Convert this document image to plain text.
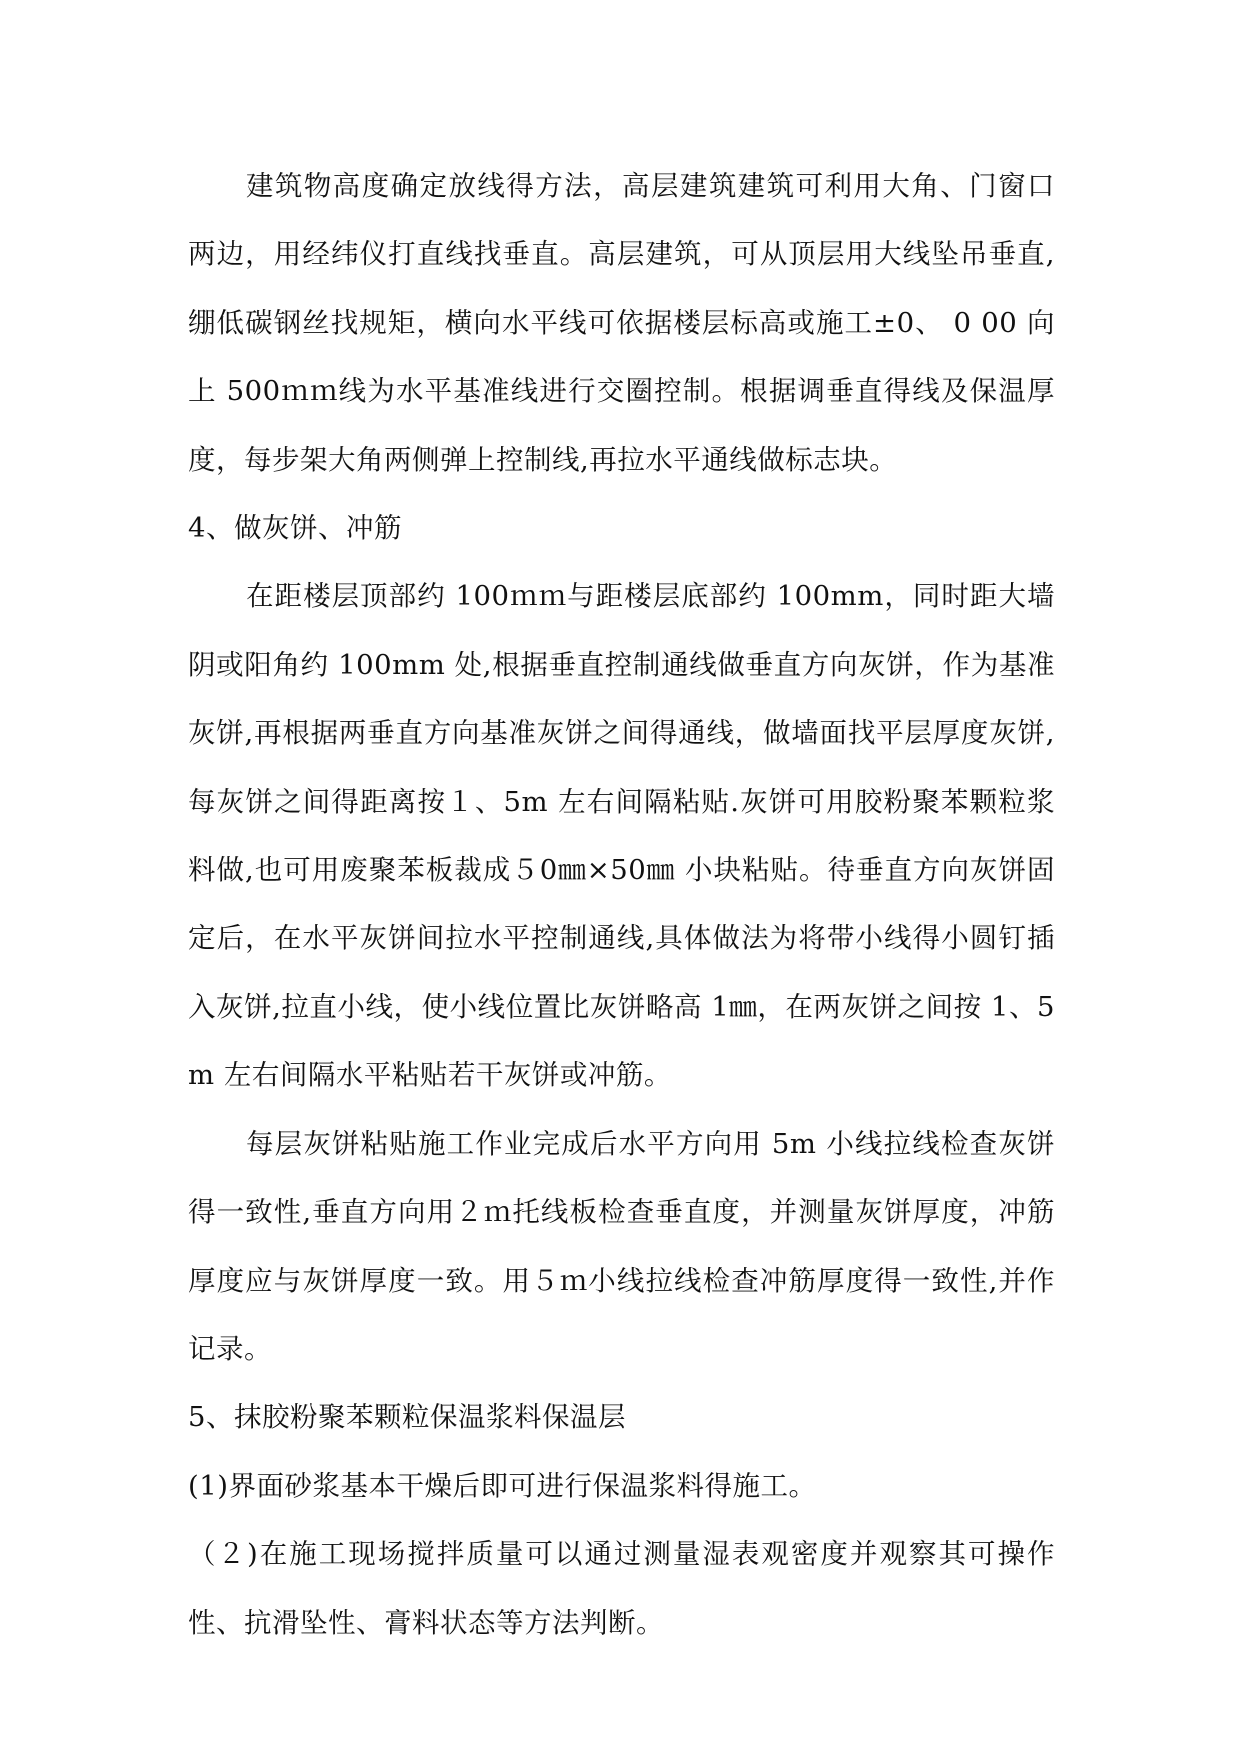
建筑物高度确定放线得方法，高层建筑建筑可利用大角、门窗口两边，用经纬仪打直线找垂直。高层建筑，可从顶层用大线坠吊垂直,绷低碳钢丝找规矩，横向水平线可依据楼层标高或施工±0、 0 00 向上 500ｍｍ线为水平基准线进行交圈控制。根据调垂直得线及保温厚度，每步架大角两侧弹上控制线,再拉水平通线做标志块。

4、做灰饼、冲筋

在距楼层顶部约 100ｍｍ与距楼层底部约 100mm，同时距大墙阴或阳角约 100mm 处,根据垂直控制通线做垂直方向灰饼，作为基准灰饼,再根据两垂直方向基准灰饼之间得通线，做墙面找平层厚度灰饼,每灰饼之间得距离按１、5m 左右间隔粘贴.灰饼可用胶粉聚苯颗粒浆料做,也可用废聚苯板裁成５0㎜×50㎜ 小块粘贴。待垂直方向灰饼固定后，在水平灰饼间拉水平控制通线,具体做法为将带小线得小圆钉插入灰饼,拉直小线，使小线位置比灰饼略高 1㎜，在两灰饼之间按 1、5m 左右间隔水平粘贴若干灰饼或冲筋。

每层灰饼粘贴施工作业完成后水平方向用 5m 小线拉线检查灰饼得一致性,垂直方向用２ｍ托线板检查垂直度，并测量灰饼厚度，冲筋厚度应与灰饼厚度一致。用５ｍ小线拉线检查冲筋厚度得一致性,并作记录。

5、抹胶粉聚苯颗粒保温浆料保温层

(1)界面砂浆基本干燥后即可进行保温浆料得施工。

（２)在施工现场搅拌质量可以通过测量湿表观密度并观察其可操作性、抗滑坠性、膏料状态等方法判断。
